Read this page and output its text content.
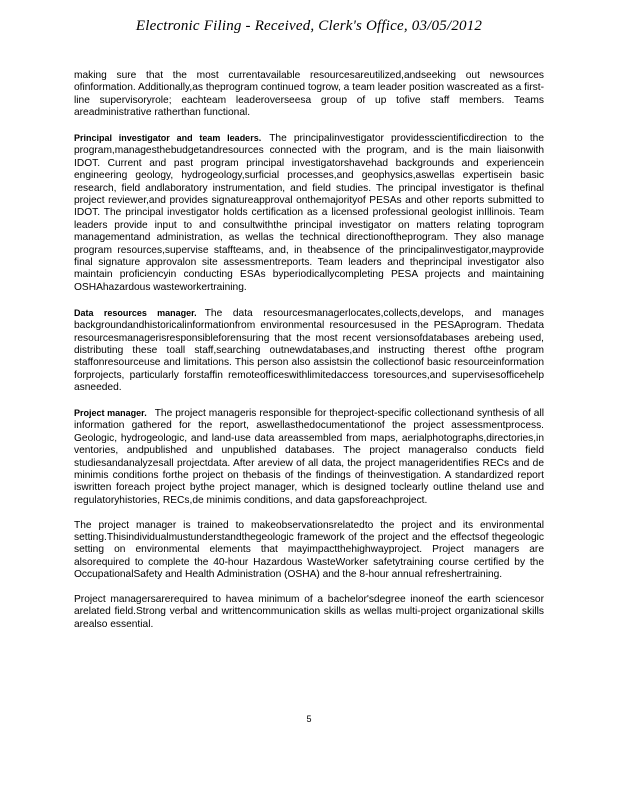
Electronic Filing - Received, Clerk's Office, 03/05/2012

making sure that the most currentavailable resourcesareutilized,andseeking out newsources ofinformation. Additionally,as theprogram continued togrow, a team leader position wascreated as a first-line supervisoryrole; eachteam leaderoverseesa group of up tofive staff members. Teams areadministrative ratherthan functional.

Principal investigator and team leaders. The principalinvestigator providesscientificdirection to the program,managesthebudgetandresources connected with the program, and is the main liaisonwith IDOT. Current and past program principal investigatorshavehad backgrounds and experiencein engineering geology, hydrogeology,surficial processes,and geophysics,aswellas expertisein basic research, field andlaboratory instrumentation, and field studies. The principal investigator is thefinal project reviewer,and provides signatureapproval onthemajorityof PESAs and other reports submitted to IDOT. The principal investigator holds certification as a licensed professional geologist inIllinois. Team leaders provide input to and consultwiththe principal investigator on matters relating toprogram managementand administration, as wellas the technical directionoftheprogram. They also manage program resources,supervise staffteams, and, in theabsence of the principalinvestigator,mayprovide final signature approvalon site assessmentreports. Team leaders and theprincipal investigator also maintain proficiencyin conducting ESAs byperiodicallycompleting PESA projects and maintaining OSHAhazardous wasteworkertraining.

Data resources manager. The data resourcesmanagerlocates,collects,develops, and manages backgroundandhistoricalinformationfrom environmental resourcesused in the PESAprogram. Thedata resourcesmanagerisresponsibleforensuring that the most recent versionsofdatabases arebeing used, distributing these toall staff,searching outnewdatabases,and instructing therest ofthe program staffonresourceuse and limitations. This person also assistsin the collectionof basic resourceinformation forprojects, particularly forstaffin remoteofficeswithlimitedaccess toresources,and supervisesofficehelp asneeded.

Project manager. The project manageris responsible for theproject-specific collectionand synthesis of all information gathered for the report, aswellasthedocumentationof the project assessmentprocess. Geologic, hydrogeologic, and land-use data areassembled from maps, aerialphotographs,directories,in ventories, andpublished and unpublished databases. The project manageralso conducts field studiesandanalyzesall projectdata. After areview of all data, the project manageridentifies RECs and de minimis conditions forthe project on thebasis of the findings of theinvestigation. A standardized report iswritten foreach project bythe project manager, which is designed toclearly outline theland use and regulatoryhistories, RECs,de minimis conditions, and data gapsforeachproject.

The project manager is trained to makeobservationsrelatedto the project and its environmental setting.Thisindividualmustunderstandthegeologic framework of the project and the effectsof thegeologic setting on environmental elements that mayimpactthehighwayproject. Project managers are alsorequired to complete the 40-hour Hazardous WasteWorker safetytraining course certified by the OccupationalSafety and Health Administration (OSHA) and the 8-hour annual refreshertraining.

Project managersarerequired to havea minimum of a bachelor'sdegree inoneof the earth sciencesor arelated field.Strong verbal and writtencommunication skills as wellas multi-project organizational skills arealso essential.

5
